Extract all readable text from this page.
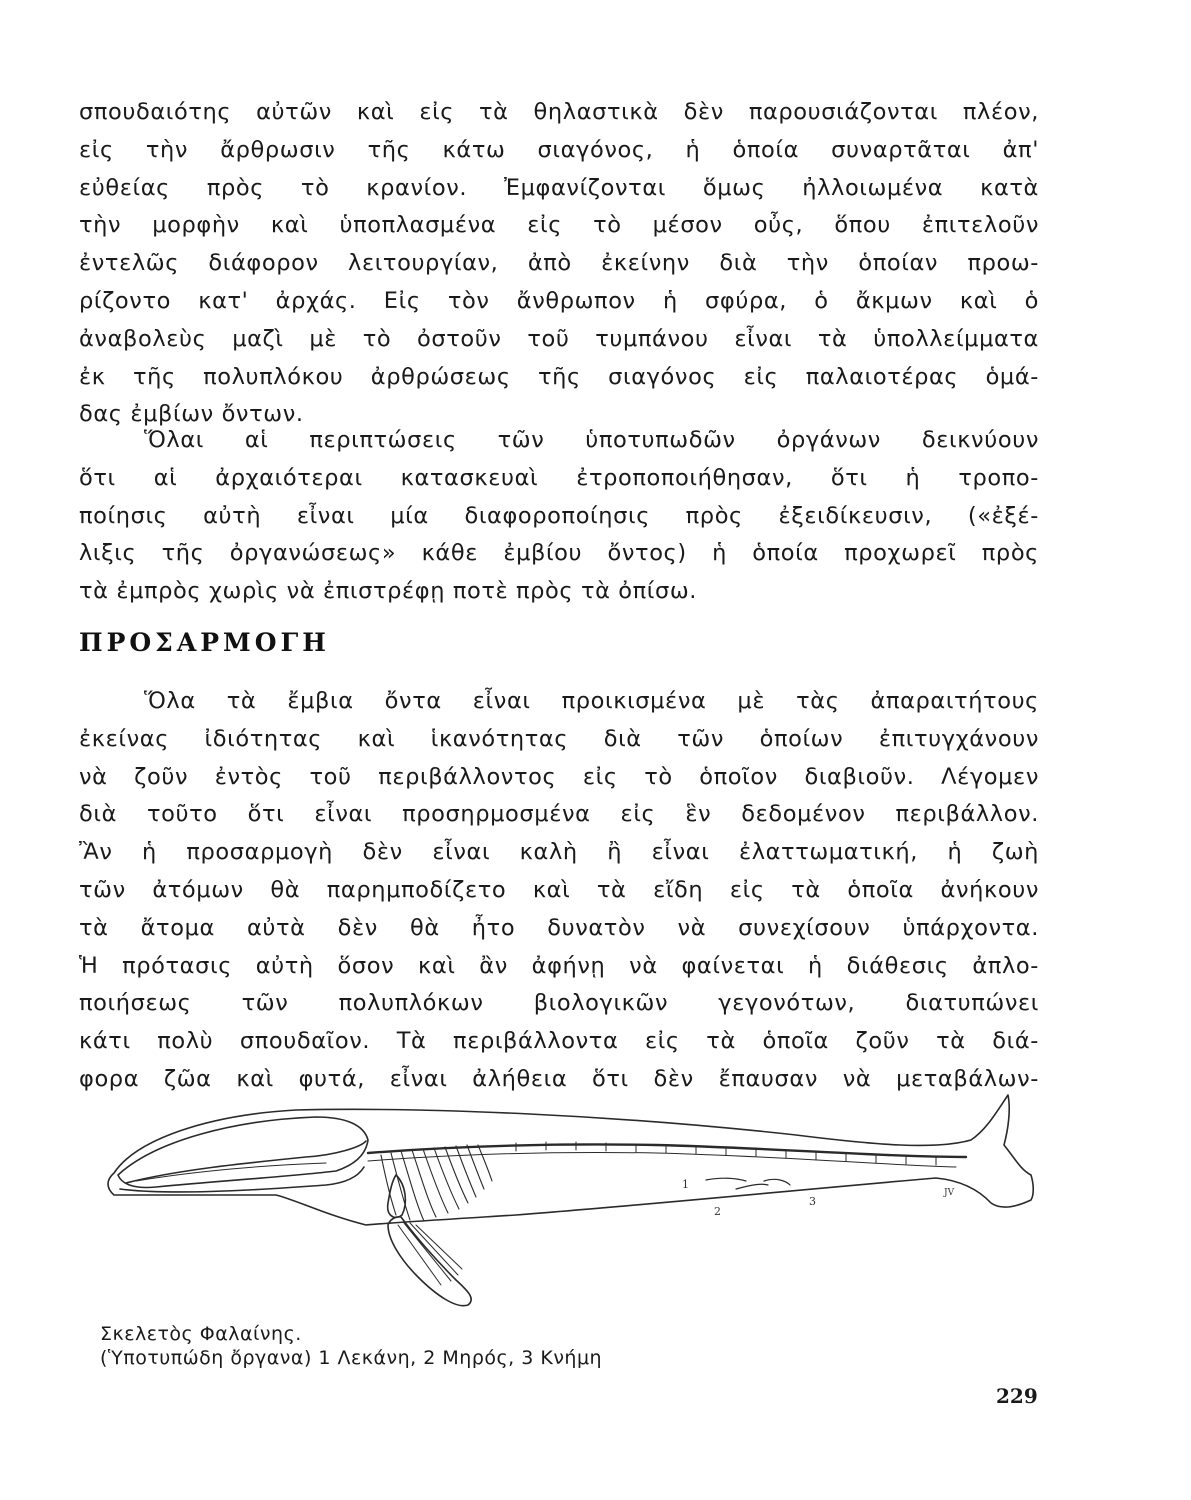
σπουδαιότης αὐτῶν καὶ εἰς τὰ θηλαστικὰ δὲν παρουσιάζονται πλέον,
εἰς τὴν ἄρθρωσιν τῆς κάτω σιαγόνος, ἡ ὁποία συναρτᾶται ἀπ'
εὐθείας πρὸς τὸ κρανίον. Ἐμφανίζονται ὅμως ἠλλοιωμένα κατὰ
τὴν μορφὴν καὶ ὑποπλασμένα εἰς τὸ μέσον οὖς, ὅπου ἐπιτελοῦν
ἐντελῶς διάφορον λειτουργίαν, ἀπὸ ἐκείνην διὰ τὴν ὁποίαν προω-
ρίζοντο κατ' ἀρχάς. Εἰς τὸν ἄνθρωπον ἡ σφύρα, ὁ ἄκμων καὶ ὁ
ἀναβολεὺς μαζὶ μὲ τὸ ὀστοῦν τοῦ τυμπάνου εἶναι τὰ ὑπολλείμματα
ἐκ τῆς πολυπλόκου ἀρθρώσεως τῆς σιαγόνος εἰς παλαιοτέρας ὁμά-
δας ἐμβίων ὄντων.
Ὅλαι αἱ περιπτώσεις τῶν ὑποτυπωδῶν ὀργάνων δεικνύουν
ὅτι αἱ ἀρχαιότεραι κατασκευαὶ ἐτροποποιήθησαν, ὅτι ἡ τροπο-
ποίησις αὐτὴ εἶναι μία διαφοροποίησις πρὸς ἐξειδίκευσιν, («ἐξέ-
λιξις τῆς ὀργανώσεως» κάθε ἐμβίου ὄντος) ἡ ὁποία προχωρεῖ πρὸς
τὰ ἐμπρὸς χωρὶς νὰ ἐπιστρέφῃ ποτὲ πρὸς τὰ ὀπίσω.
ΠΡΟΣΑΡΜΟΓΗ
Ὅλα τὰ ἔμβια ὄντα εἶναι προικισμένα μὲ τὰς ἀπαραιτήτους
ἐκείνας ἰδιότητας καὶ ἱκανότητας διὰ τῶν ὁποίων ἐπιτυγχάνουν
νὰ ζοῦν ἐντὸς τοῦ περιβάλλοντος εἰς τὸ ὁποῖον διαβιοῦν. Λέγομεν
διὰ τοῦτο ὅτι εἶναι προσηρμοσμένα εἰς ἓν δεδομένον περιβάλλον.
Ἂν ἡ προσαρμογὴ δὲν εἶναι καλὴ ἢ εἶναι ἐλαττωματική, ἡ ζωὴ
τῶν ἀτόμων θὰ παρημποδίζετο καὶ τὰ εἴδη εἰς τὰ ὁποῖα ἀνήκουν
τὰ ἄτομα αὐτὰ δὲν θὰ ἦτο δυνατὸν νὰ συνεχίσουν ὑπάρχοντα.
Ἡ πρότασις αὐτὴ ὅσον καὶ ἂν ἀφήνῃ νὰ φαίνεται ἡ διάθεσις ἀπλο-
ποιήσεως τῶν πολυπλόκων βιολογικῶν γεγονότων, διατυπώνει
κάτι πολὺ σπουδαῖον. Τὰ περιβάλλοντα εἰς τὰ ὁποῖα ζοῦν τὰ διά-
φορα ζῶα καὶ φυτά, εἶναι ἀλήθεια ὅτι δὲν ἔπαυσαν νὰ μεταβάλων-
1
2
3
JV
Σκελετὸς Φαλαίνης.
(Ὑποτυπώδη ὄργανα) 1 Λεκάνη, 2 Μηρός, 3 Κνήμη
229
